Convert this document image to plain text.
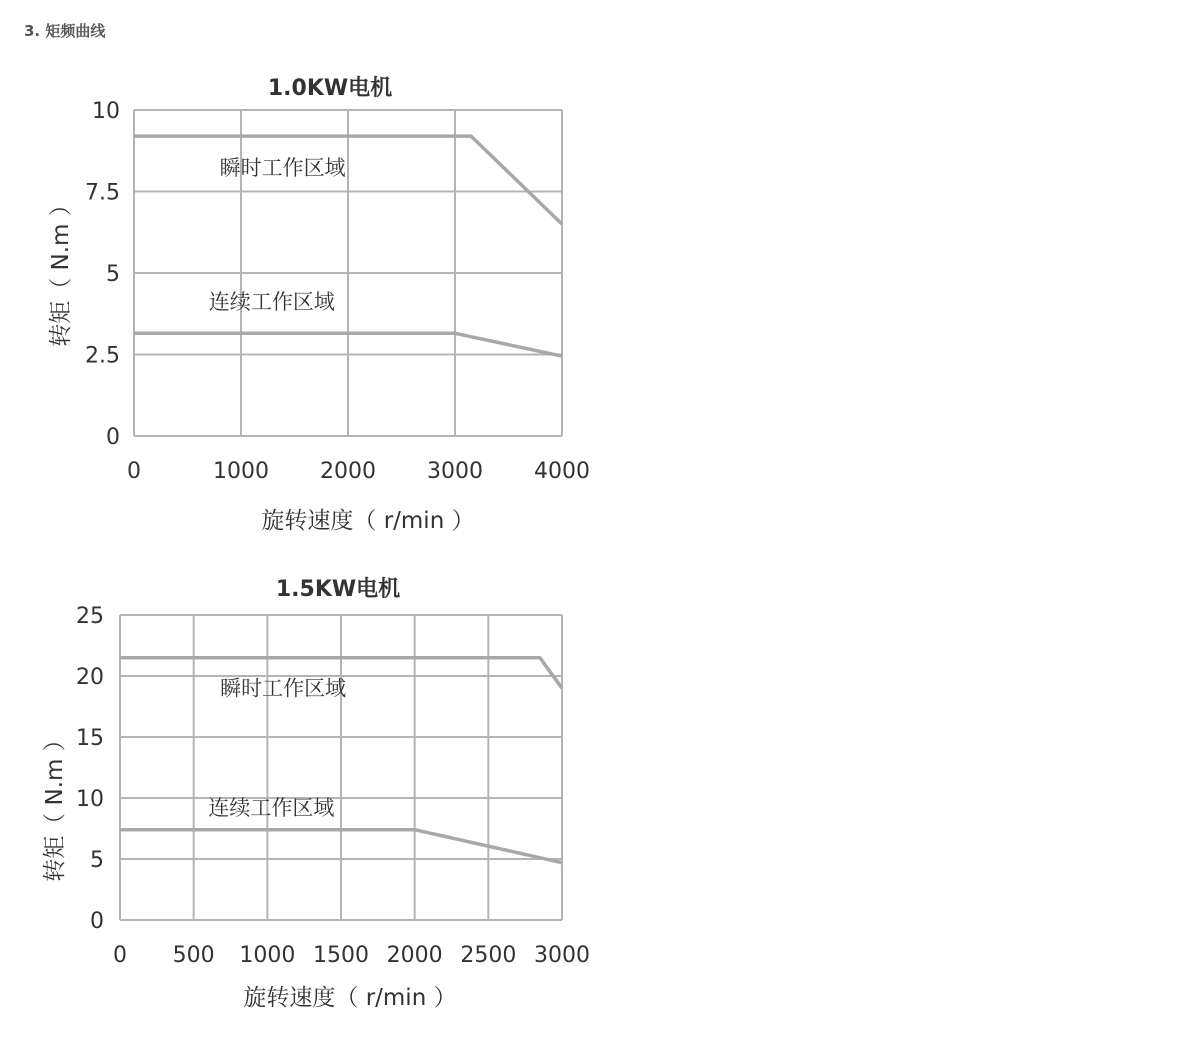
3. 矩频曲线
1.0KW电机
瞬时工作区域
连续工作区域
0	1000 2000 3000 4000
0
2.5
5
7.5
10
旋转速度（ r/min ）
转矩（ N.m ）
1.5KW电机
瞬时工作区域
连续工作区域
0 500 1000 1500 2000 2500 3000
0
5
10
15
20
25
旋转速度（ r/min ）
转矩（ N.m ）
